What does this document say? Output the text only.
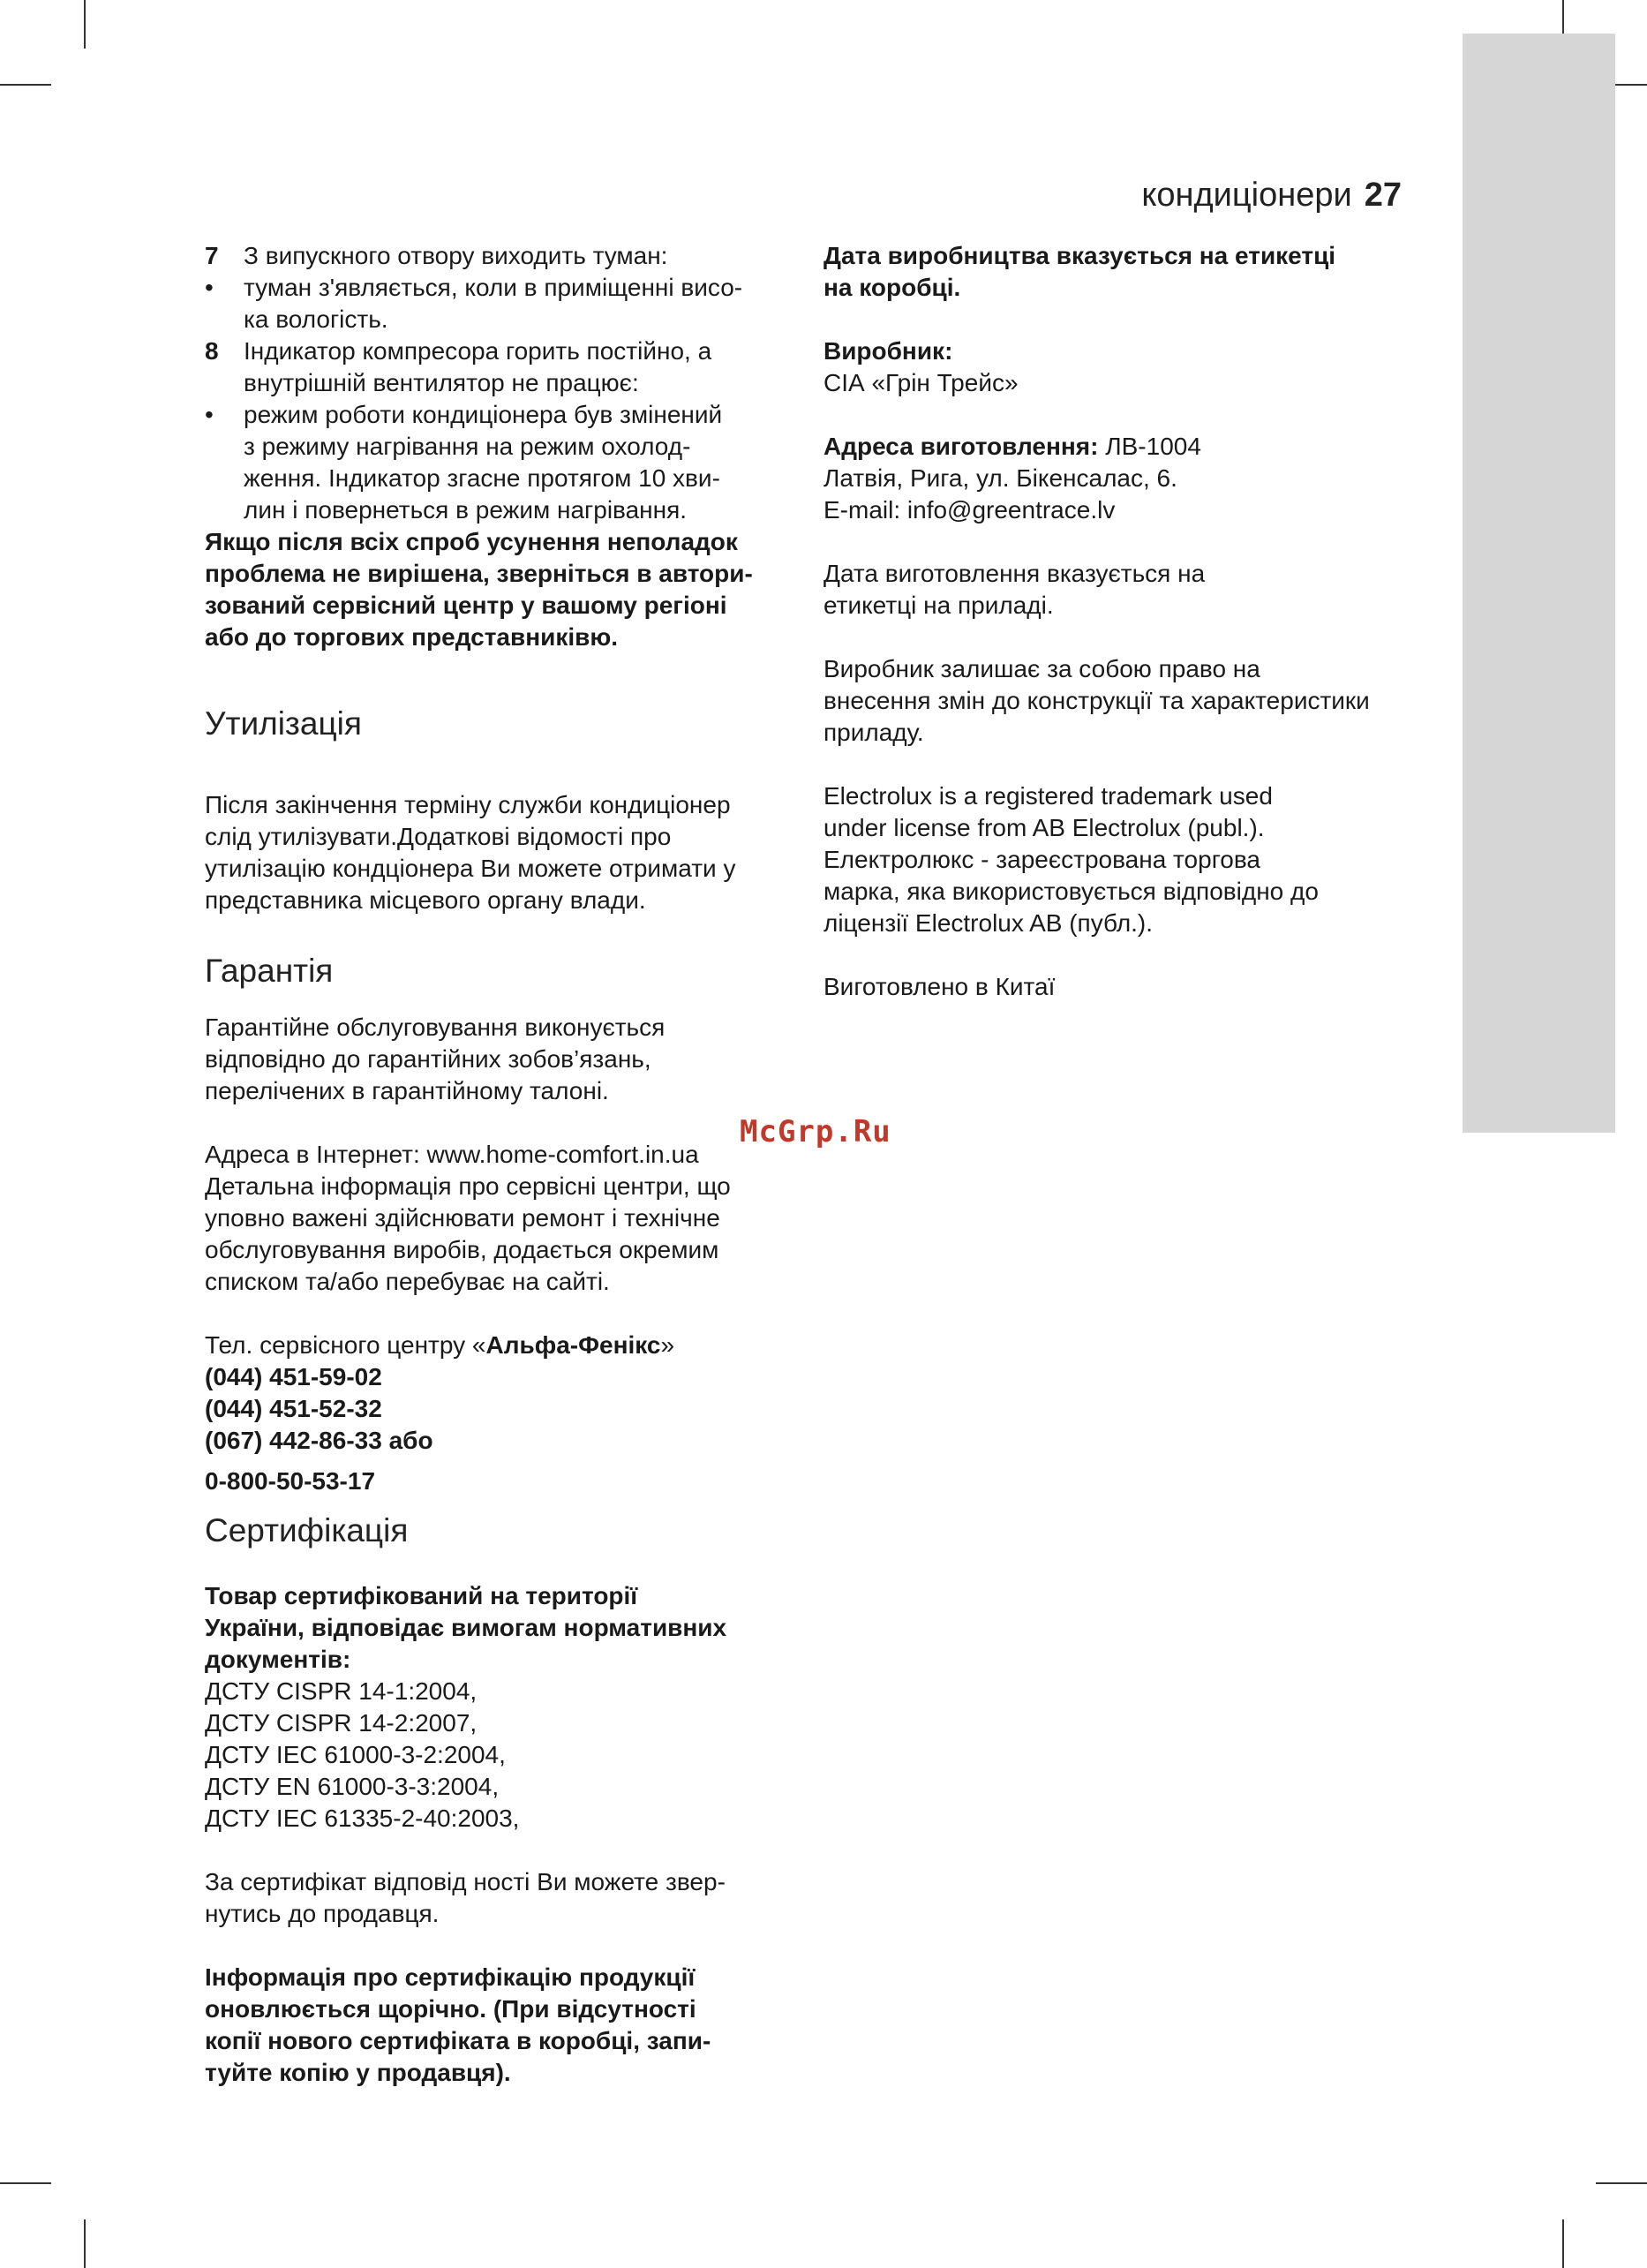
кондиціонери 27
McGrp.Ru
7 З випускного отвору виходить туман:
• туман з'являється, коли в приміщенні висо-
ка вологість.
8 Індикатор компресора горить постійно, а
внутрішній вентилятор не працює:
• режим роботи кондиціонера був змінений
з режиму нагрівання на режим охолод-
ження. Індикатор згасне протягом 10 хви-
лин і повернеться в режим нагрівання.
Якщо після всіх спроб усунення неполадок
проблема не вирішена, зверніться в автори-
зований сервісний центр у вашому регіоні
або до торгових представниківю.
Утилізація
Після закінчення терміну служби кондиціонер
слід утилізувати.Додаткові відомості про
утилізацію кондціонера Ви можете отримати у
представника місцевого органу влади.
Гарантія
Гарантійне обслуговування виконується
відповідно до гарантійних зобов’язань,
перелічених в гарантійному талоні.
Адреса в Інтернет: www.home-comfort.in.ua
Детальна інформація про сервісні центри, що
уповно важені здійснювати ремонт і технічне
обслуговування виробів, додається окремим
списком та/або перебуває на сайті.
Тел. сервісного центру «Альфа-Фенікс»
(044) 451-59-02
(044) 451-52-32
(067) 442-86-33 або
0-800-50-53-17
Сертифікація
Товар сертифікований на території
України, відповідає вимогам нормативних
документів:
ДСТУ CISPR 14-1:2004,
ДСТУ CISPR 14-2:2007,
ДСТУ IEC 61000-3-2:2004,
ДСТУ EN 61000-3-3:2004,
ДСТУ IEC 61335-2-40:2003,
За сертифікат відповід ності Ви можете звер-
нутись до продавця.
Інформація про сертифікацію продукції
оновлюється щорічно. (При відсутності
копії нового сертифіката в коробці, запи-
туйте копію у продавця).
Дата виробництва вказується на етикетці
на коробці.
Виробник:
СІА «Грін Трейс»
Адреса виготовлення: ЛВ-1004
Латвія, Рига, ул. Бікенсалас, 6.
E-mail: info@greentrace.lv
Дата виготовлення вказується на
етикетці на приладі.
Виробник залишає за собою право на
внесення змін до конструкції та характеристики
приладу.
Electrolux is a registered trademark used
under license from AB Electrolux (publ.).
Електролюкс - зареєстрована торгова
марка, яка використовується відповідно до
ліцензії Electrolux AB (публ.).
Виготовлено в Китаї
